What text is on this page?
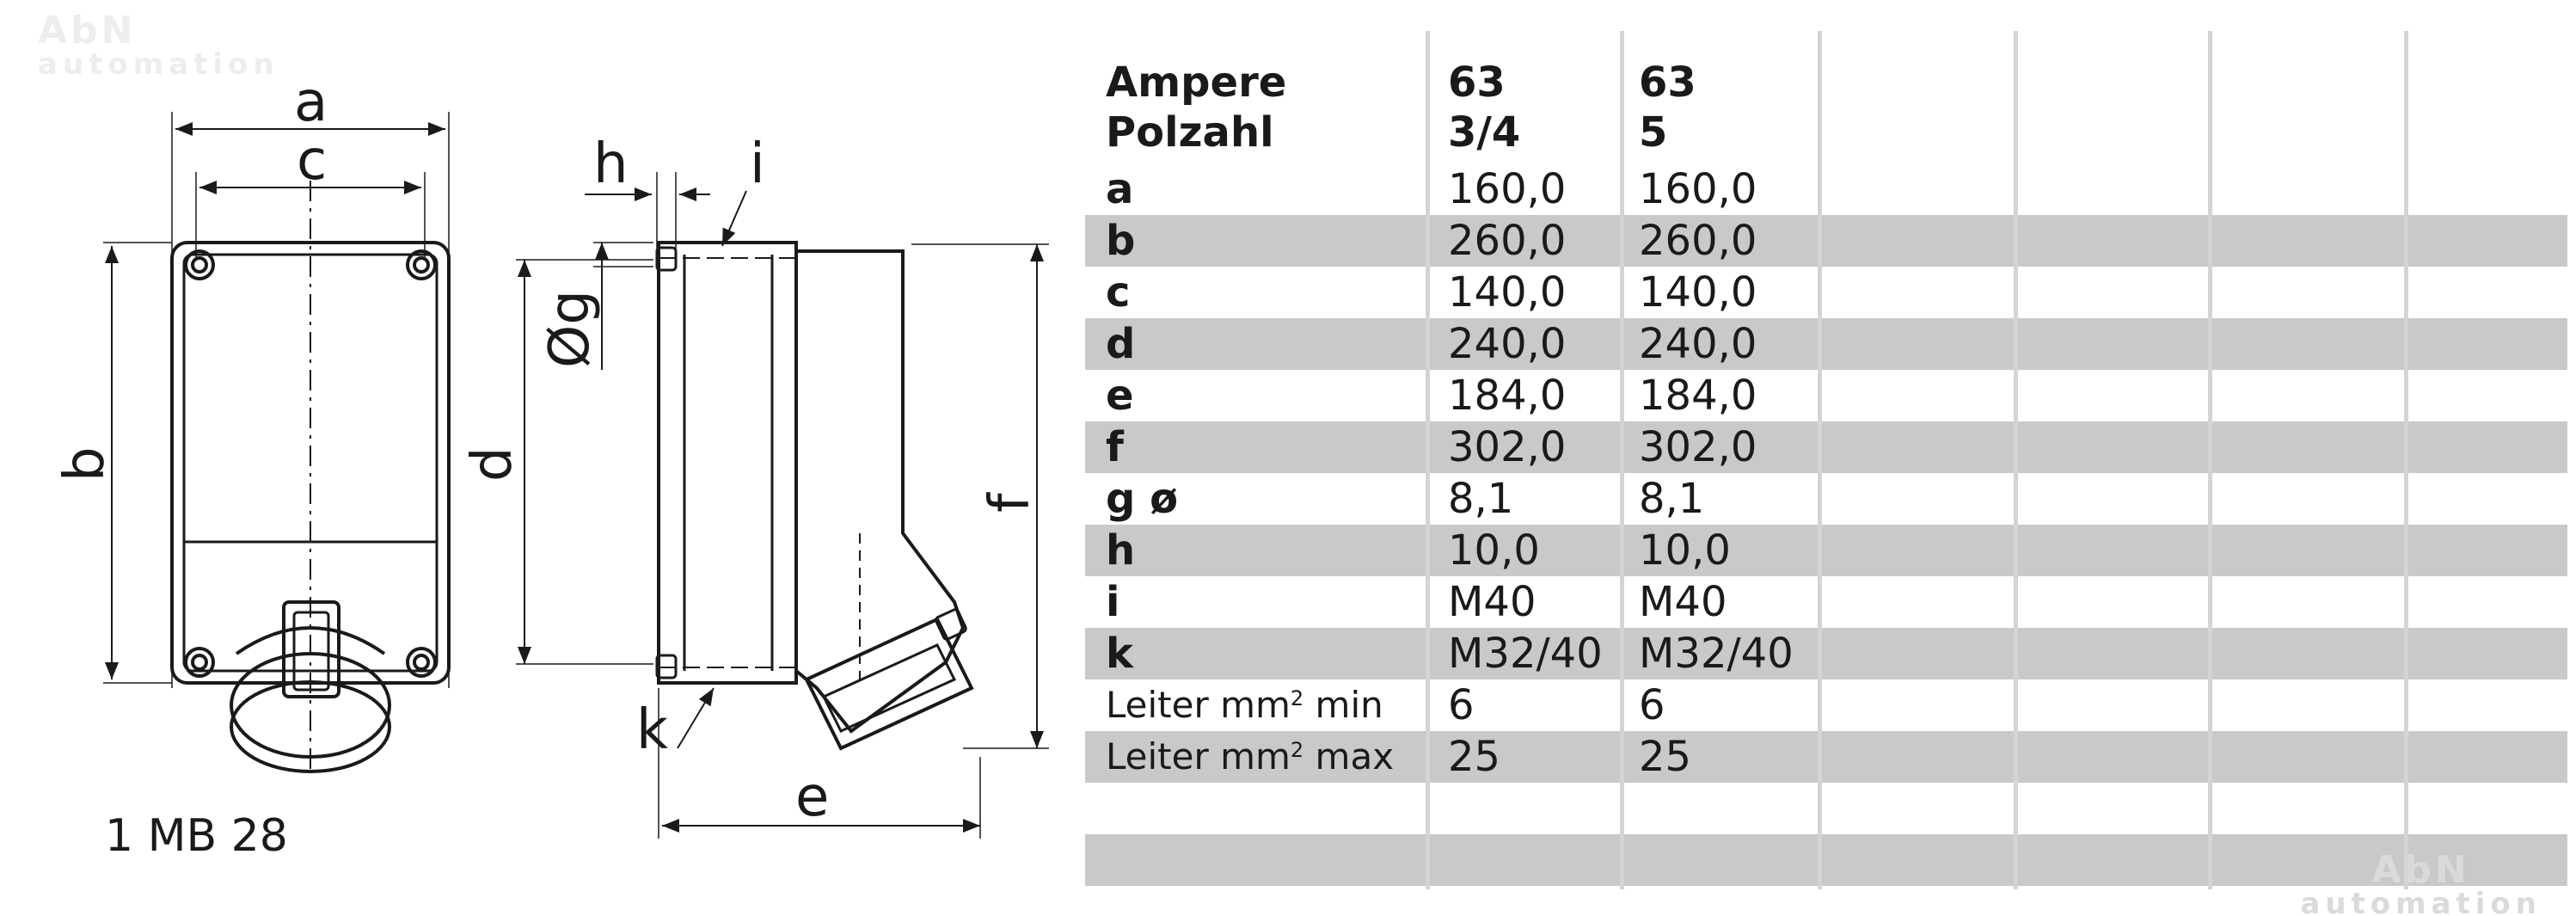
AbN
automation
a
c
b
h i
Øg
d
f
k
e
1 MB 28
Ampere	63	63
Polzahl	3/4	5
a	160,0 160,0
b	260,0 260,0
c	140,0 140,0
d	240,0 240,0
e	184,0 184,0
f	302,0 302,0
g ø	8,1	8,1
h	10,0 10,0
i	M40 M40
k	M32/40 M32/40
Leiter $mm^2$ min 6	6
Leiter $mm^2$ max 25	25
AbN
automation
